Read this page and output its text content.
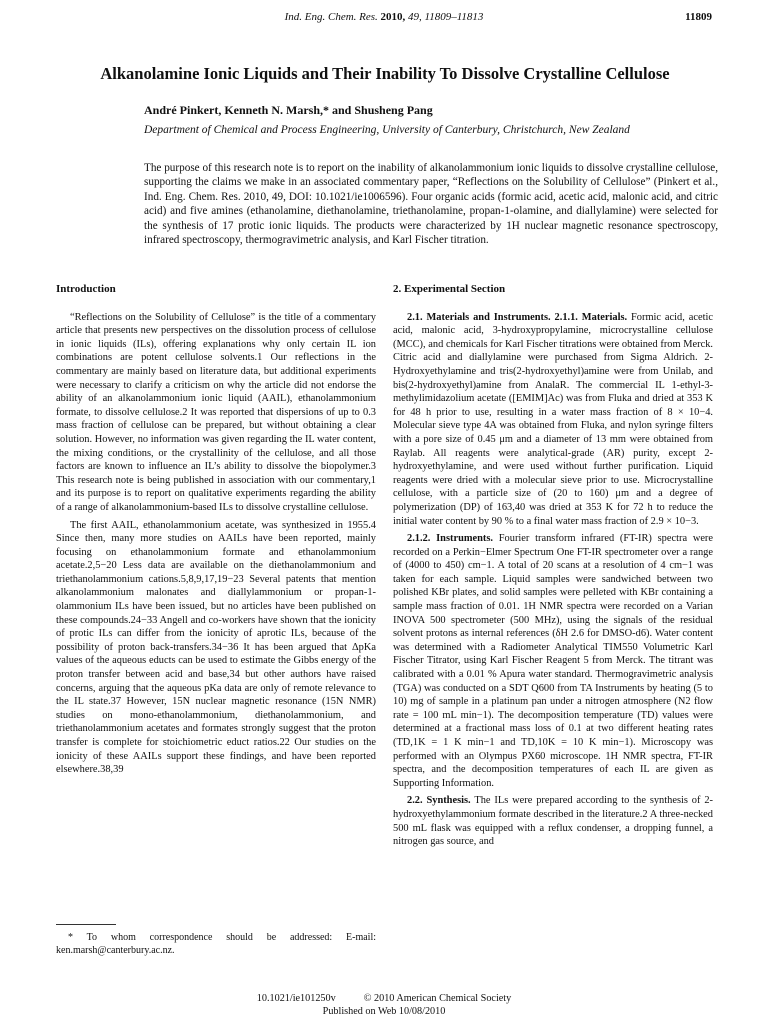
Ind. Eng. Chem. Res. 2010, 49, 11809–11813	11809
Alkanolamine Ionic Liquids and Their Inability To Dissolve Crystalline Cellulose
André Pinkert, Kenneth N. Marsh,* and Shusheng Pang
Department of Chemical and Process Engineering, University of Canterbury, Christchurch, New Zealand
The purpose of this research note is to report on the inability of alkanolammonium ionic liquids to dissolve crystalline cellulose, supporting the claims we make in an associated commentary paper, “Reflections on the Solubility of Cellulose” (Pinkert et al., Ind. Eng. Chem. Res. 2010, 49, DOI: 10.1021/ie1006596). Four organic acids (formic acid, acetic acid, malonic acid, and citric acid) and five amines (ethanolamine, diethanolamine, triethanolamine, propan-1-olamine, and diallylamine) were selected for the synthesis of 17 protic ionic liquids. The products were characterized by 1H nuclear magnetic resonance spectroscopy, infrared spectroscopy, thermogravimetric analysis, and Karl Fischer titration.
Introduction

“Reflections on the Solubility of Cellulose” is the title of a commentary article that presents new perspectives on the dissolution process of cellulose in ionic liquids (ILs), offering explanations why only certain IL ion combinations are potent cellulose solvents.1 Our reflections in the commentary are mainly based on literature data, but additional experiments were necessary to clarify a criticism on why the article did not endorse the ability of an alkanolammonium ionic liquid (AAIL), ethanolammonium formate, to dissolve cellulose.2 It was reported that dispersions of up to 0.3 mass fraction of cellulose can be prepared, but without obtaining a clear solution. However, no information was given regarding the IL water content, the mixing conditions, or the crystallinity of the cellulose, and all those factors are known to influence an IL’s ability to dissolve the biopolymer.3 This research note is being published in association with our commentary,1 and its purpose is to report on qualitative experiments regarding the ability of a range of alkanolammonium-based ILs to dissolve crystalline cellulose.

The first AAIL, ethanolammonium acetate, was synthesized in 1955.4 Since then, many more studies on AAILs have been reported, mainly focusing on ethanolammonium formate and ethanolammonium acetate.2,5−20 Less data are available on the diethanolammonium and triethanolammonium cations.5,8,9,17,19−23 Several patents that mention alkanolammonium malonates and diallylammonium or propan-1-olammonium ILs have been issued, but no articles have been published on these compounds.24−33 Angell and co-workers have shown that the ionicity of protic ILs can differ from the ionicity of aprotic ILs, because of the possibility of proton back-transfers.34−36 It has been argued that ΔpKa values of the aqueous educts can be used to estimate the Gibbs energy of the proton transfer between acid and base,34 but other authors have raised concerns, arguing that the aqueous pKa data are only of remote relevance to the IL state.37 However, 15N nuclear magnetic resonance (15N NMR) studies on mono-ethanolammonium, diethanolammonium, and triethanolammonium acetates and formates strongly suggest that the proton transfer is complete for stoichiometric educt ratios.22 Our studies on the ionicity of these AAILs support these findings, and have been reported elsewhere.38,39

2. Experimental Section

2.1. Materials and Instruments. 2.1.1. Materials. Formic acid, acetic acid, malonic acid, 3-hydroxypropylamine, microcrystalline cellulose (MCC), and chemicals for Karl Fischer titrations were obtained from Merck. Citric acid and diallylamine were purchased from Sigma Aldrich. 2-Hydroxyethylamine and tris(2-hydroxyethyl)amine were from Unilab, and bis(2-hydroxyethyl)amine from AnalaR. The commercial IL 1-ethyl-3-methylimidazolium acetate ([EMIM]Ac) was from Fluka and dried at 353 K for 48 h prior to use, resulting in a water mass fraction of 8 × 10−4. Molecular sieve type 4A was obtained from Fluka, and nylon syringe filters with a pore size of 0.45 μm and a diameter of 13 mm were obtained from Raylab. All reagents were analytical-grade (AR) purity, except 2-hydroxyethylamine, and were used without further purification. Liquid reagents were dried with a molecular sieve prior to use. Microcrystalline cellulose, with a particle size of (20 to 160) μm and a degree of polymerization (DP) of 163,40 was dried at 353 K for 72 h to reduce the initial water content by 90 % to a final water mass fraction of 2.9 × 10−3.

2.1.2. Instruments. Fourier transform infrared (FT-IR) spectra were recorded on a Perkin−Elmer Spectrum One FT-IR spectrometer over a range of (4000 to 450) cm−1. A total of 20 scans at a resolution of 4 cm−1 was taken for each sample. Liquid samples were sandwiched between two polished KBr plates, and solid samples were pelleted with KBr containing a sample mass fraction of 0.01. 1H NMR spectra were recorded on a Varian INOVA 500 spectrometer (500 MHz), using the signals of the residual solvent protons as internal references (δH 2.6 for DMSO-d6). Water content was determined with a Radiometer Analytical TIM550 Volumetric Karl Fischer Titrator, using Karl Fischer Reagent 5 from Merck. The titrant was calibrated with a 0.01 % Apura water standard. Thermogravimetric analysis (TGA) was conducted on a SDT Q600 from TA Instruments by heating (5 to 10) mg of sample in a platinum pan under a nitrogen atmosphere (N2 flow rate = 100 mL min−1). The decomposition temperature (TD) values were determined at a fractional mass loss of 0.1 at two different heating rates (TD,1K = 1 K min−1 and TD,10K = 10 K min−1). Microscopy was performed with an Olympus PX60 microscope. 1H NMR spectra, FT-IR spectra, and the decomposition temperatures of each IL are given as Supporting Information.

2.2. Synthesis. The ILs were prepared according to the synthesis of 2-hydroxyethylammonium formate described in the literature.2 A three-necked 500 mL flask was equipped with a reflux condenser, a dropping funnel, a nitrogen gas source, and

* To whom correspondence should be addressed: E-mail: ken.marsh@canterbury.ac.nz.

10.1021/ie101250v	© 2010 American Chemical Society
Published on Web 10/08/2010
